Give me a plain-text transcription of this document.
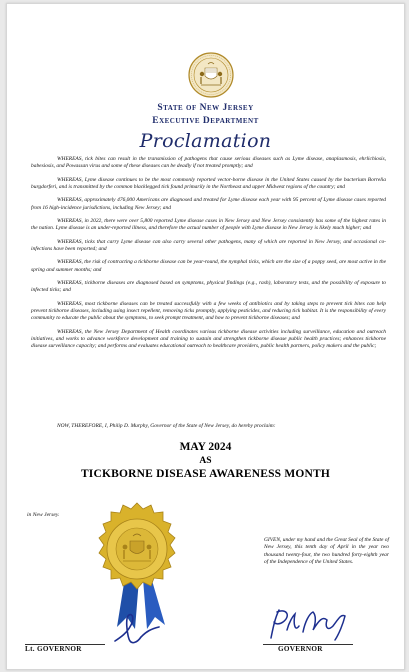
State of New Jersey
Executive Department
Proclamation

WHEREAS, tick bites can result in the transmission of pathogens that cause serious diseases such as Lyme disease, anaplasmosis, ehrlichiosis, babesiosis, and Powassan virus and some of these diseases can be deadly if not treated promptly; and

WHEREAS, Lyme disease continues to be the most commonly reported vector-borne disease in the United States caused by the bacterium Borrelia burgdorferi, and is transmitted by the common blacklegged tick found primarily in the Northeast and upper Midwest regions of the country; and

WHEREAS, approximately 476,000 Americans are diagnosed and treated for Lyme disease each year with 95 percent of Lyme disease cases reported from 16 high-incidence jurisdictions, including New Jersey; and

WHEREAS, in 2022, there were over 5,800 reported Lyme disease cases in New Jersey and New Jersey consistently has some of the highest rates in the nation. Lyme disease is an under-reported illness, and therefore the actual number of people with Lyme disease in New Jersey is likely much higher; and

WHEREAS, ticks that carry Lyme disease can also carry several other pathogens, many of which are reported in New Jersey, and occasional co-infections have been reported; and

WHEREAS, the risk of contracting a tickborne disease can be year-round, the nymphal ticks, which are the size of a poppy seed, are most active in the spring and summer months; and

WHEREAS, tickborne diseases are diagnosed based on symptoms, physical findings (e.g., rash), laboratory tests, and the possibility of exposure to infected ticks; and

WHEREAS, most tickborne diseases can be treated successfully with a few weeks of antibiotics and by taking steps to prevent tick bites can help prevent tickborne diseases, including using insect repellent, removing ticks promptly, applying pesticides, and reducing tick habitat. It is the responsibility of every community to educate the public about the symptoms, to seek prompt treatment, and how to prevent tickborne diseases; and

WHEREAS, the New Jersey Department of Health coordinates various tickborne disease activities including surveillance, education and outreach initiatives, and works to advance workforce development and training to sustain and strengthen tickborne disease public health practices; enhances tickborne disease surveillance capacity; and performs and evaluates educational outreach to healthcare providers, public health partners, policy makers and the public;

NOW, THEREFORE, I, Philip D. Murphy, Governor of the State of New Jersey, do hereby proclaim:
MAY 2024
AS
TICKBORNE DISEASE AWARENESS MONTH
in New Jersey.
GIVEN, under my hand and the Great Seal of the State of New Jersey, this tenth day of April in the year two thousand twenty-four, the two hundred forty-eighth year of the Independence of the United States.
Lt. GOVERNOR	GOVERNOR
